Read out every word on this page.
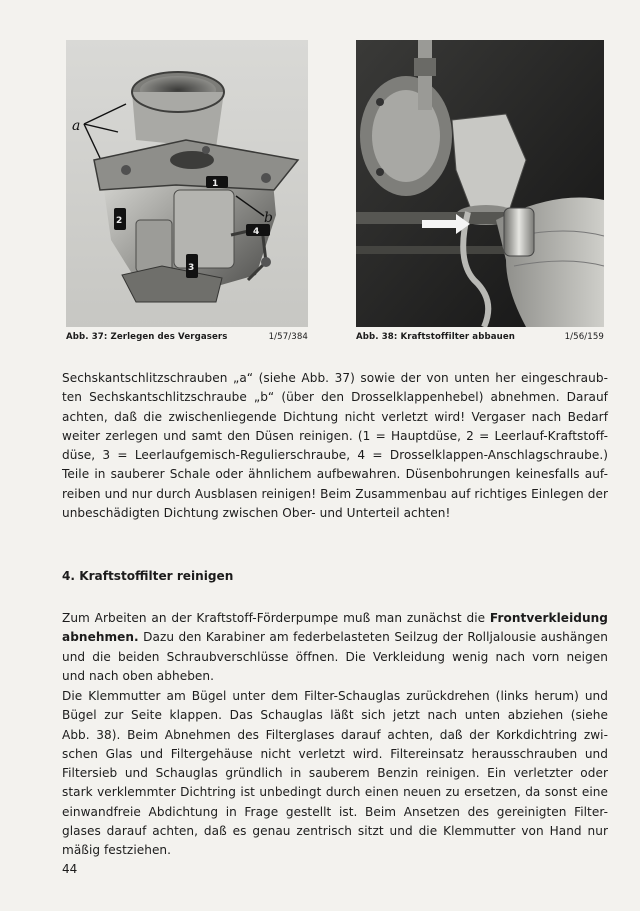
1
2
3
4
a
b
Abb. 37: Zerlegen des Vergasers	1/57/384	Abb. 38: Kraftstoffilter abbauen	1/56/159
Sechskantschlitzschrauben „a“ (siehe Abb. 37) sowie der von unten her eingeschraub-
ten Sechskantschlitzschraube „b“ (über den Drosselklappenhebel) abnehmen. Darauf
achten, daß die zwischenliegende Dichtung nicht verletzt wird! Vergaser nach Bedarf
weiter zerlegen und samt den Düsen reinigen. (1 = Hauptdüse, 2 = Leerlauf-Kraftstoff-
düse, 3 = Leerlaufgemisch-Regulierschraube, 4 = Drosselklappen-Anschlagschraube.)
Teile in sauberer Schale oder ähnlichem aufbewahren. Düsenbohrungen keinesfalls auf-
reiben und nur durch Ausblasen reinigen! Beim Zusammenbau auf richtiges Einlegen der
unbeschädigten Dichtung zwischen Ober- und Unterteil achten!
4. Kraftstoffilter reinigen
Zum Arbeiten an der Kraftstoff-Förderpumpe muß man zunächst die Frontverkleidung
abnehmen. Dazu den Karabiner am federbelasteten Seilzug der Rolljalousie aushängen
und die beiden Schraubverschlüsse öffnen. Die Verkleidung wenig nach vorn neigen
und nach oben abheben.
Die Klemmutter am Bügel unter dem Filter-Schauglas zurückdrehen (links herum) und
Bügel zur Seite klappen. Das Schauglas läßt sich jetzt nach unten abziehen (siehe
Abb. 38). Beim Abnehmen des Filterglases darauf achten, daß der Korkdichtring zwi-
schen Glas und Filtergehäuse nicht verletzt wird. Filtereinsatz herausschrauben und
Filtersieb und Schauglas gründlich in sauberem Benzin reinigen. Ein verletzter oder
stark verklemmter Dichtring ist unbedingt durch einen neuen zu ersetzen, da sonst eine
einwandfreie Abdichtung in Frage gestellt ist. Beim Ansetzen des gereinigten Filter-
glases darauf achten, daß es genau zentrisch sitzt und die Klemmutter von Hand nur
mäßig festziehen.
44
